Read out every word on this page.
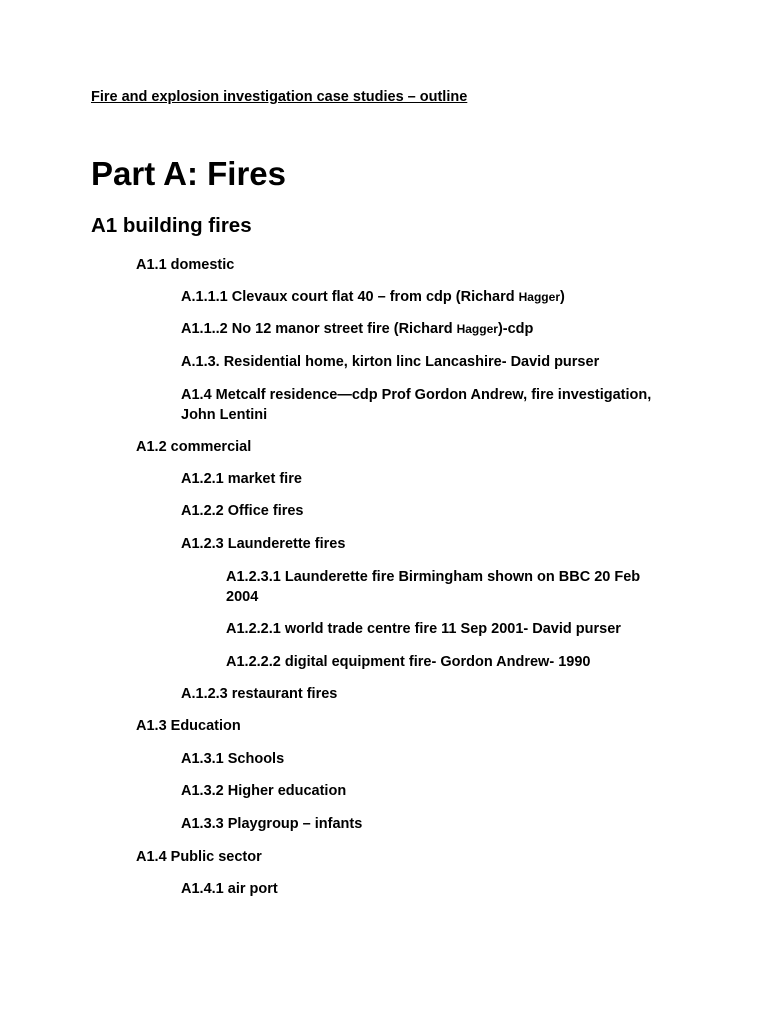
Fire and explosion investigation case studies – outline
Part A: Fires
A1 building fires
A1.1 domestic
A.1.1.1 Clevaux court flat 40 – from cdp (Richard Hagger)
A1.1..2 No 12 manor street fire (Richard Hagger)-cdp
A.1.3. Residential home, kirton linc Lancashire- David purser
A1.4 Metcalf residence—cdp Prof Gordon Andrew, fire investigation, John Lentini
A1.2 commercial
A1.2.1 market fire
A1.2.2 Office fires
A1.2.3 Launderette fires
A1.2.3.1 Launderette fire Birmingham shown on BBC 20 Feb 2004
A1.2.2.1 world trade centre fire 11 Sep 2001- David purser
A1.2.2.2 digital equipment fire- Gordon Andrew- 1990
A.1.2.3 restaurant fires
A1.3 Education
A1.3.1 Schools
A1.3.2 Higher education
A1.3.3 Playgroup – infants
A1.4 Public sector
A1.4.1 air port
